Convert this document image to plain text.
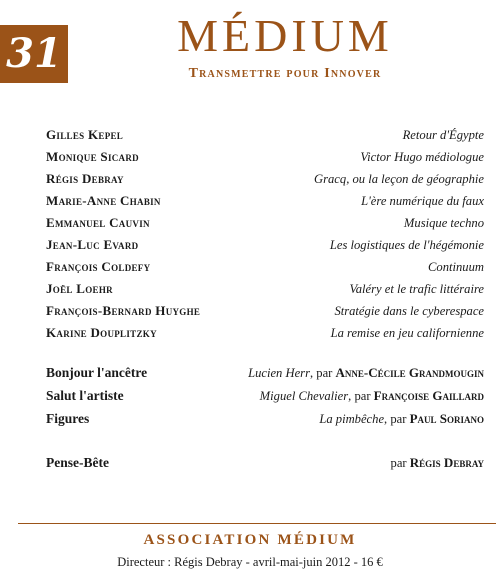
31	MÉDIUM
Transmettre pour Innover
Gilles Kepel	Retour d'Égypte
Monique Sicard	Victor Hugo médiologue
Régis Debray	Gracq, ou la leçon de géographie
Marie-Anne Chabin	L'ère numérique du faux
Emmanuel Cauvin	Musique techno
Jean-Luc Evard	Les logistiques de l'hégémonie
François Coldefy	Continuum
Joël Loehr	Valéry et le trafic littéraire
François-Bernard Huyghe	Stratégie dans le cyberespace
Karine Douplitzky	La remise en jeu californienne
Bonjour l'ancêtre	Lucien Herr, par Anne-Cécile Grandmougin
Salut l'artiste	Miguel Chevalier, par Françoise Gaillard
Figures	La pimbêche, par Paul Soriano
Pense-Bête	par Régis Debray
ASSOCIATION MÉDIUM
Directeur : Régis Debray - avril-mai-juin 2012 - 16 €
